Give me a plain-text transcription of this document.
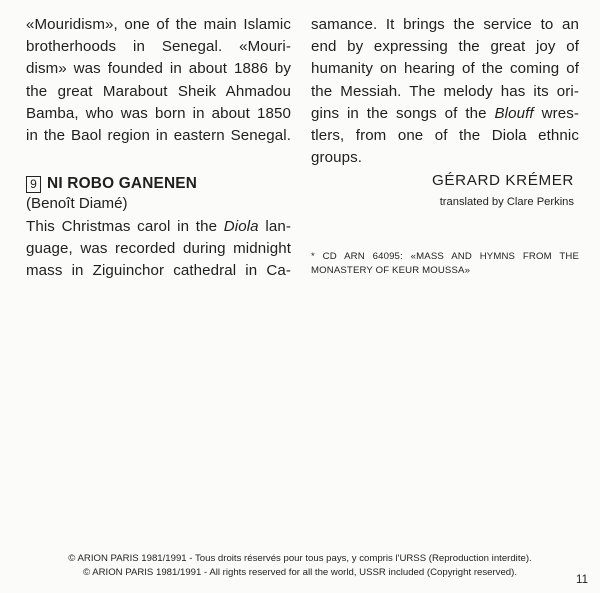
«Mouridism», one of the main Islamic
brotherhoods in Senegal. «Mouri-
dism» was founded in about 1886 by
the great Marabout Sheik Ahmadou
Bamba, who was born in about 1850
in the Baol region in eastern Senegal.
9 NI ROBO GANENEN
(Benoît Diamé)
This Christmas carol in the Diola lan-
guage, was recorded during midnight
mass in Ziguinchor cathedral in Ca-
samance. It brings the service to an
end by expressing the great joy of
humanity on hearing of the coming of
the Messiah. The melody has its ori-
gins in the songs of the Blouff wres-
tlers, from one of the Diola ethnic
groups.
GÉRARD KRÉMER
translated by Clare Perkins
* CD ARN 64095: «MASS AND HYMNS FROM THE
MONASTERY OF KEUR MOUSSA»
© ARION PARIS 1981/1991 - Tous droits réservés pour tous pays, y compris l'URSS (Reproduction interdite).
© ARION PARIS 1981/1991 - All rights reserved for all the world, USSR included (Copyright reserved).
11
